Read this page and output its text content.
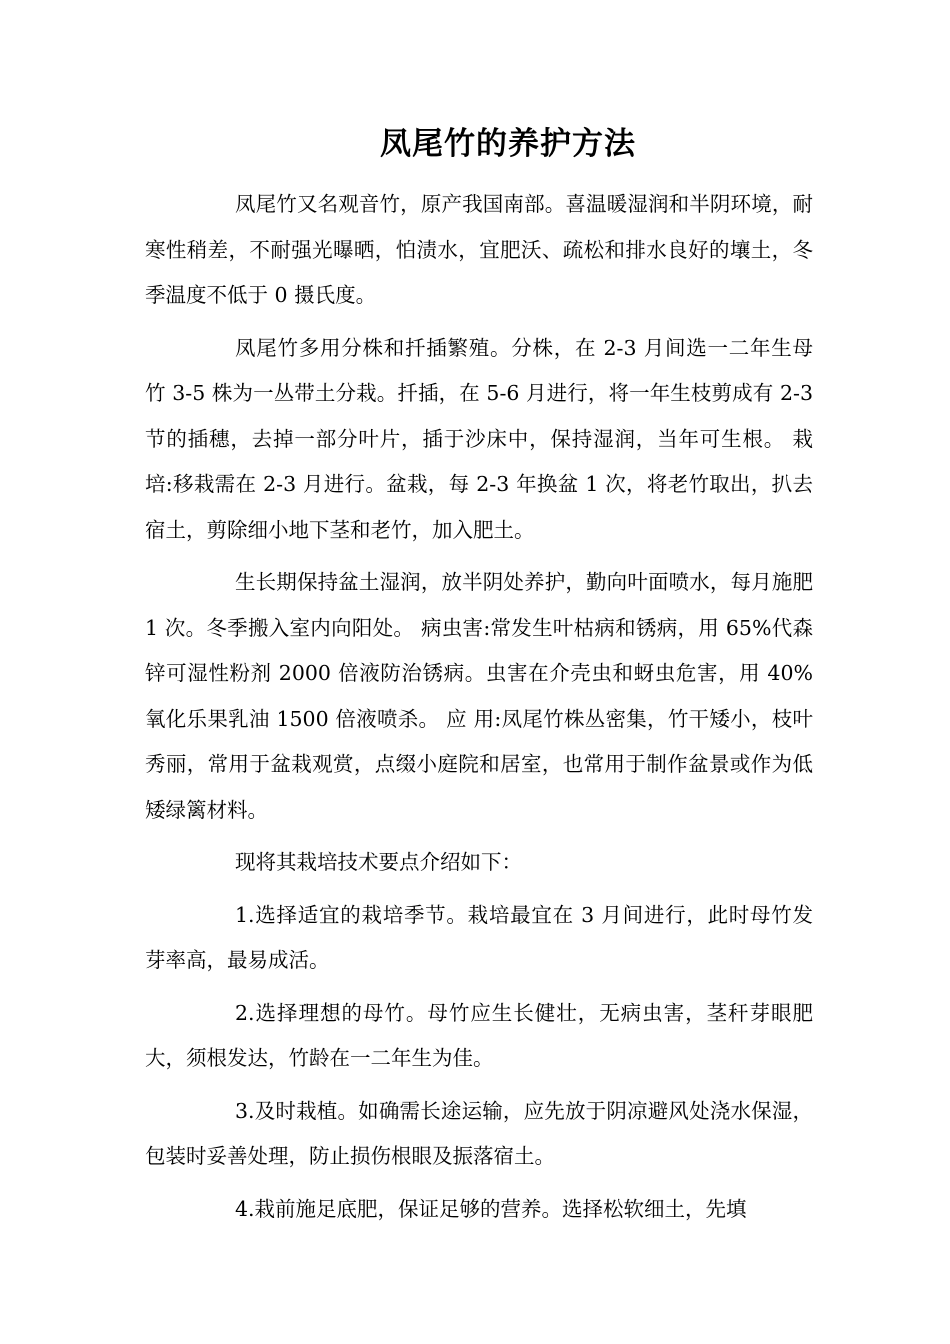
凤尾竹的养护方法

凤尾竹又名观音竹，原产我国南部。喜温暖湿润和半阴环境，耐寒性稍差，不耐强光曝晒，怕渍水，宜肥沃、疏松和排水良好的壤土，冬季温度不低于 0 摄氏度。

凤尾竹多用分株和扦插繁殖。分株，在 2-3 月间选一二年生母竹 3-5 株为一丛带土分栽。扦插，在 5-6 月进行，将一年生枝剪成有 2-3 节的插穗，去掉一部分叶片，插于沙床中，保持湿润，当年可生根。 栽培:移栽需在 2-3 月进行。盆栽，每 2-3 年换盆 1 次，将老竹取出，扒去宿土，剪除细小地下茎和老竹，加入肥土。

生长期保持盆土湿润，放半阴处养护，勤向叶面喷水，每月施肥 1 次。冬季搬入室内向阳处。 病虫害:常发生叶枯病和锈病，用 65%代森锌可湿性粉剂 2000 倍液防治锈病。虫害在介壳虫和蚜虫危害，用 40%氧化乐果乳油 1500 倍液喷杀。 应 用:凤尾竹株丛密集，竹干矮小，枝叶秀丽，常用于盆栽观赏，点缀小庭院和居室，也常用于制作盆景或作为低矮绿篱材料。

现将其栽培技术要点介绍如下：

1.选择适宜的栽培季节。栽培最宜在 3 月间进行，此时母竹发芽率高，最易成活。

2.选择理想的母竹。母竹应生长健壮，无病虫害，茎秆芽眼肥大，须根发达，竹龄在一二年生为佳。

3.及时栽植。如确需长途运输，应先放于阴凉避风处浇水保湿，包装时妥善处理，防止损伤根眼及振落宿土。

4.栽前施足底肥，保证足够的营养。选择松软细土，先填
